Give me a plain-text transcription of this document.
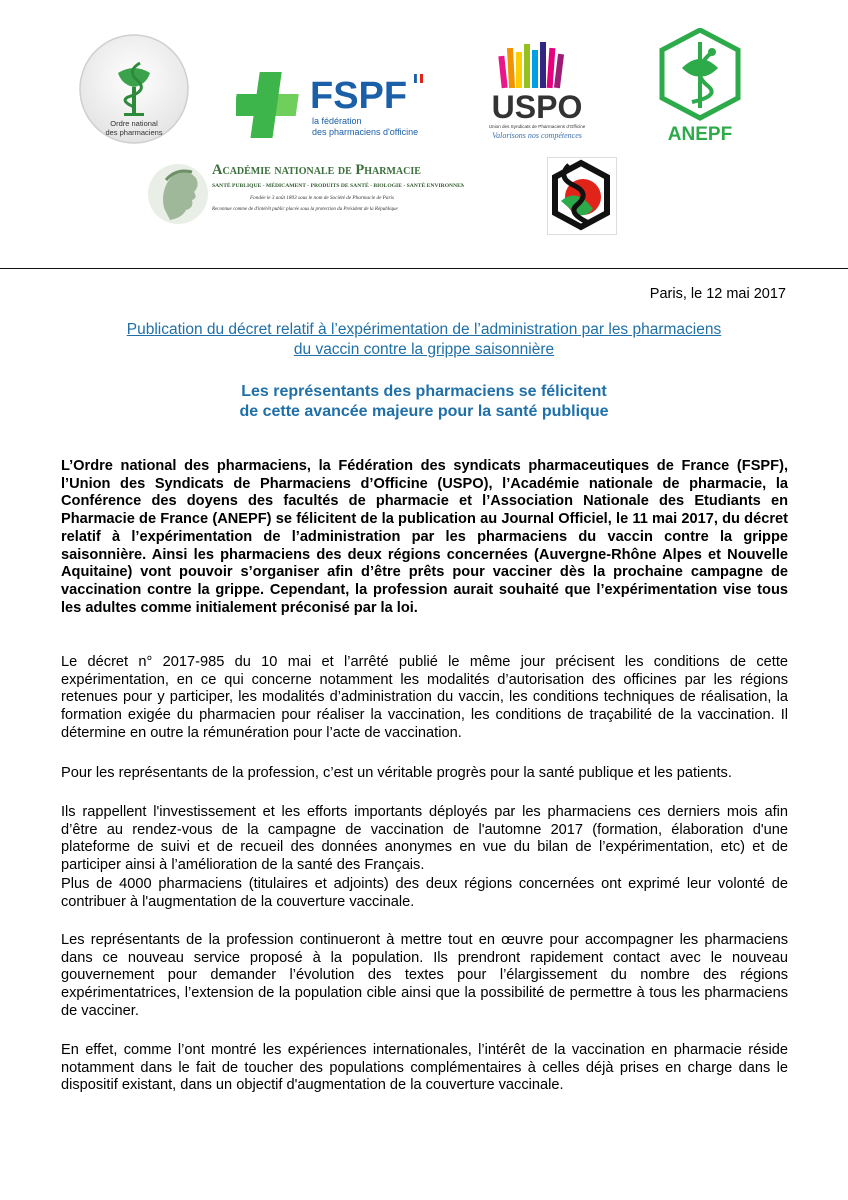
Ordre national
des pharmaciens
FSPF
la fédération
des pharmaciens d'officine
USPO
Union des Syndicats de Pharmaciens d'Officine
Valorisons nos compétences	ANEPF
Académie nationale de Pharmacie
SANTÉ PUBLIQUE - MÉDICAMENT - PRODUITS DE SANTÉ - BIOLOGIE - SANTÉ ENVIRONNEMENTALE
Fondée le 3 août 1803 sous le nom de Société de Pharmacie de Paris
Reconnue comme de d'intérêt public placée sous la protection du Président de la République
Paris, le 12 mai 2017
Publication du décret relatif à l’expérimentation de l’administration par les pharmaciens
du vaccin contre la grippe saisonnière
Les représentants des pharmaciens se félicitent
de cette avancée majeure pour la santé publique
L’Ordre national des pharmaciens, la Fédération des syndicats pharmaceutiques de France (FSPF), l’Union des Syndicats de Pharmaciens d’Officine (USPO), l’Académie nationale de pharmacie, la Conférence des doyens des facultés de pharmacie et l’Association Nationale des Etudiants en Pharmacie de France (ANEPF) se félicitent de la publication au Journal Officiel, le 11 mai 2017, du décret relatif à l’expérimentation de l’administration par les pharmaciens du vaccin contre la grippe saisonnière. Ainsi les pharmaciens des deux régions concernées (Auvergne-Rhône Alpes et Nouvelle Aquitaine) vont pouvoir s’organiser afin d’être prêts pour vacciner dès la prochaine campagne de vaccination contre la grippe. Cependant, la profession aurait souhaité que l’expérimentation vise tous les adultes comme initialement préconisé par la loi.
Le décret n° 2017-985 du 10 mai et l’arrêté publié le même jour précisent les conditions de cette expérimentation, en ce qui concerne notamment les modalités d’autorisation des officines par les régions retenues pour y participer, les modalités d’administration du vaccin, les conditions techniques de réalisation, la formation exigée du pharmacien pour réaliser la vaccination, les conditions de traçabilité de la vaccination. Il détermine en outre la rémunération pour l’acte de vaccination.
Pour les représentants de la profession, c’est un véritable progrès pour la santé publique et les patients.
Ils rappellent l'investissement et les efforts importants déployés par les pharmaciens ces derniers mois afin d’être au rendez-vous de la campagne de vaccination de l'automne 2017 (formation, élaboration d'une plateforme de suivi et de recueil des données anonymes en vue du bilan de l’expérimentation, etc) et de participer ainsi à l’amélioration de la santé des Français.
Plus de 4000 pharmaciens (titulaires et adjoints) des deux régions concernées ont exprimé leur volonté de contribuer à l'augmentation de la couverture vaccinale.
Les représentants de la profession continueront à mettre tout en œuvre pour accompagner les pharmaciens dans ce nouveau service proposé à la population. Ils prendront rapidement contact avec le nouveau gouvernement pour demander l’évolution des textes pour l’élargissement du nombre des régions expérimentatrices, l’extension de la population cible ainsi que la possibilité de permettre à tous les pharmaciens de vacciner.
En effet, comme l’ont montré les expériences internationales, l’intérêt de la vaccination en pharmacie réside notamment dans le fait de toucher des populations complémentaires à celles déjà prises en charge dans le dispositif existant, dans un objectif d'augmentation de la couverture vaccinale.
